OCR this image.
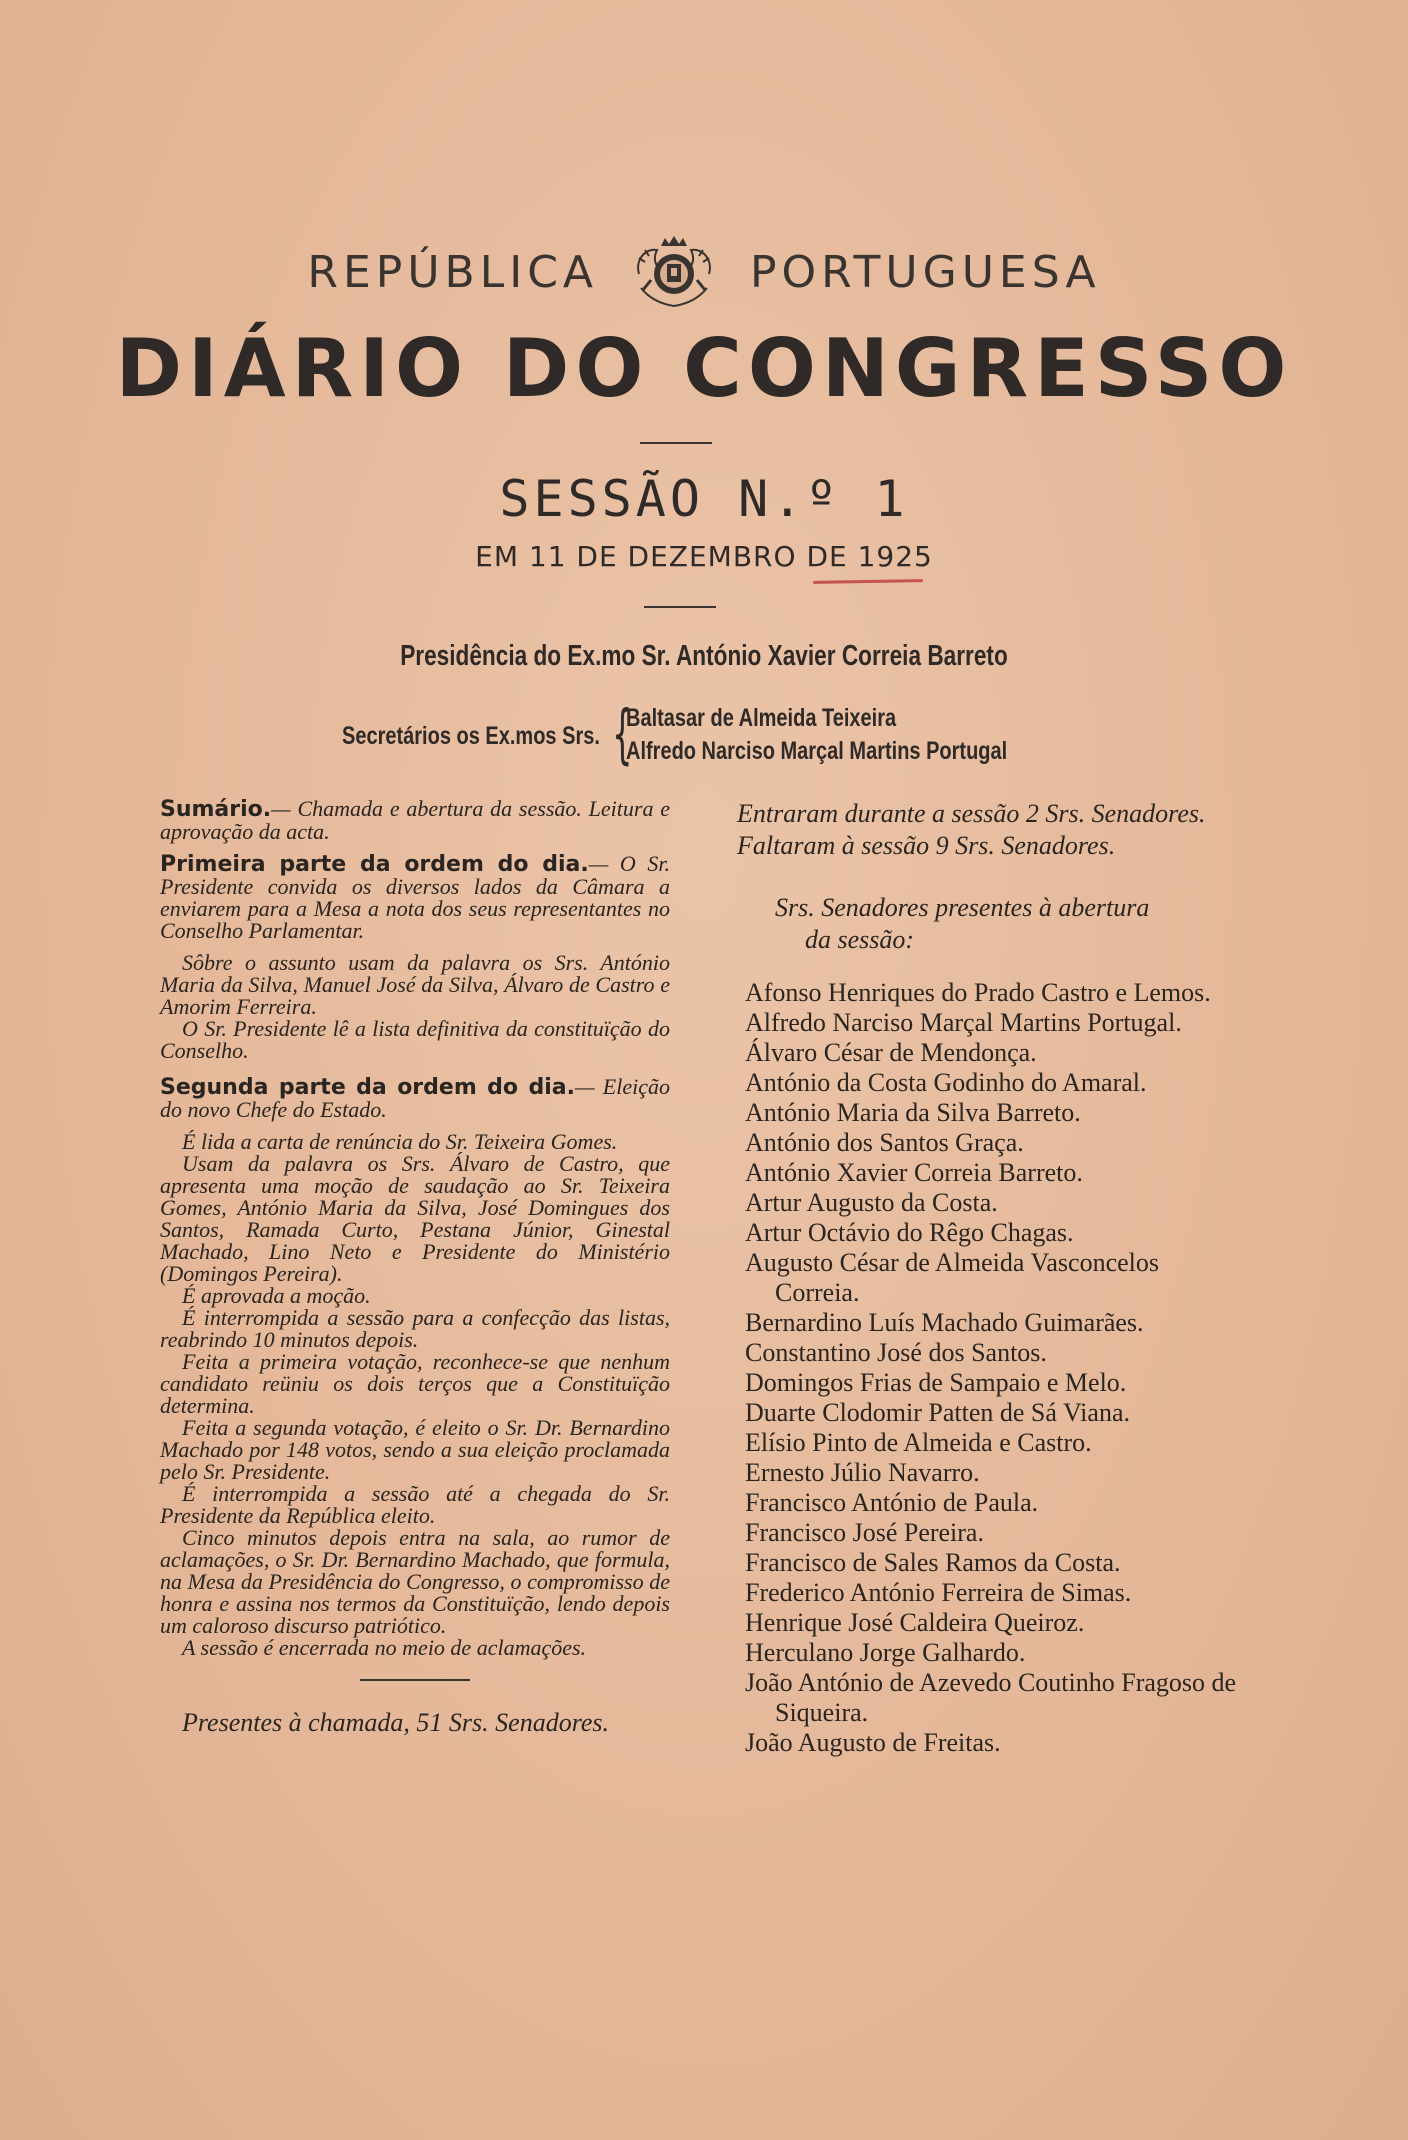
REPÚBLICA	PORTUGUESA
DIÁRIO DO CONGRESSO
SESSÃO N.º 1
EM 11 DE DEZEMBRO DE 1925
Presidência do Ex.mo Sr. António Xavier Correia Barreto
Secretários os Ex.mos Srs. {
Baltasar de Almeida Teixeira
Alfredo Narciso Marçal Martins Portugal

Sumário.— Chamada e abertura da sessão. Leitura e aprovação da acta.

Primeira parte da ordem do dia.— O Sr. Presidente convida os diversos lados da Câmara a enviarem para a Mesa a nota dos seus representantes no Conselho Parlamentar.

Sôbre o assunto usam da palavra os Srs. António Maria da Silva, Manuel José da Silva, Álvaro de Castro e Amorim Ferreira.

O Sr. Presidente lê a lista definitiva da constituïção do Conselho.

Segunda parte da ordem do dia.— Eleição do novo Chefe do Estado.

É lida a carta de renúncia do Sr. Teixeira Gomes.

Usam da palavra os Srs. Álvaro de Castro, que apresenta uma moção de saudação ao Sr. Teixeira Gomes, António Maria da Silva, José Domingues dos Santos, Ramada Curto, Pestana Júnior, Ginestal Machado, Lino Neto e Presidente do Ministério (Domingos Pereira).

É aprovada a moção.

É interrompida a sessão para a confecção das listas, reabrindo 10 minutos depois.

Feita a primeira votação, reconhece-se que nenhum candidato reüniu os dois terços que a Constituïção determina.

Feita a segunda votação, é eleito o Sr. Dr. Bernardino Machado por 148 votos, sendo a sua eleição proclamada pelo Sr. Presidente.

É interrompida a sessão até a chegada do Sr. Presidente da República eleito.

Cinco minutos depois entra na sala, ao rumor de aclamações, o Sr. Dr. Bernardino Machado, que formula, na Mesa da Presidência do Congresso, o compromisso de honra e assina nos termos da Constituïção, lendo depois um caloroso discurso patriótico.

A sessão é encerrada no meio de aclamações.

Presentes à chamada, 51 Srs. Senadores.

Entraram durante a sessão 2 Srs. Senadores.

Faltaram à sessão 9 Srs. Senadores.

Srs. Senadores presentes à abertura
da sessão:
Afonso Henriques do Prado Castro e Lemos.
Alfredo Narciso Marçal Martins Portugal.
Álvaro César de Mendonça.
António da Costa Godinho do Amaral.
António Maria da Silva Barreto.
António dos Santos Graça.
António Xavier Correia Barreto.
Artur Augusto da Costa.
Artur Octávio do Rêgo Chagas.
Augusto César de Almeida Vasconcelos Correia.
Bernardino Luís Machado Guimarães.
Constantino José dos Santos.
Domingos Frias de Sampaio e Melo.
Duarte Clodomir Patten de Sá Viana.
Elísio Pinto de Almeida e Castro.
Ernesto Júlio Navarro.
Francisco António de Paula.
Francisco José Pereira.
Francisco de Sales Ramos da Costa.
Frederico António Ferreira de Simas.
Henrique José Caldeira Queiroz.
Herculano Jorge Galhardo.
João António de Azevedo Coutinho Fragoso de Siqueira.
João Augusto de Freitas.
